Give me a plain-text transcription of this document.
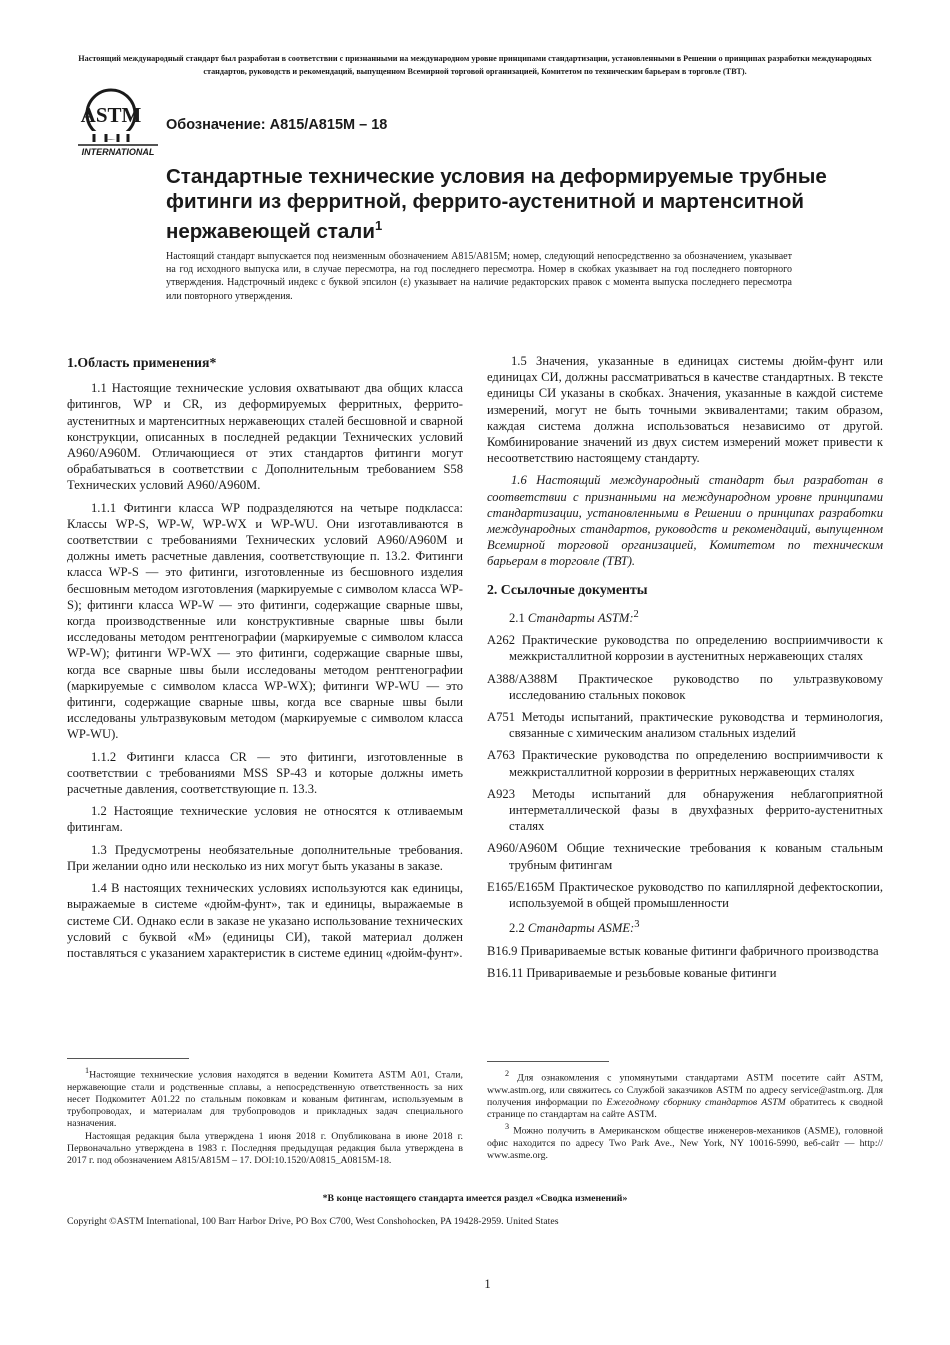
Настоящий международный стандарт был разработан в соответствии с признанными на международном уровне принципами стандартизации, установленными в Решении о принципах разработки международных стандартов, руководств и рекомендаций, выпущенном Всемирной торговой организацией, Комитетом по техническим барьерам в торговле (ТВТ).
ASTM
INTERNATIONAL
Обозначение: A815/A815M – 18
Стандартные технические условия на деформируемые трубные фитинги из ферритной, феррито-аустенитной и мартенситной нержавеющей стали$^1$
Настоящий стандарт выпускается под неизменным обозначением A815/A815M; номер, следующий непосредственно за обозначением, указывает на год исходного выпуска или, в случае пересмотра, на год последнего пересмотра. Номер в скобках указывает на год последнего повторного утверждения. Надстрочный индекс с буквой эпсилон (ε) указывает на наличие редакторских правок с момента выпуска последнего пересмотра или повторного утверждения.

1.Область применения*

1.1 Настоящие технические условия охватывают два общих класса фитингов, WP и CR, из деформируемых ферритных, феррито-аустенитных и мартенситных нержавеющих сталей бесшовной и сварной конструкции, описанных в последней редакции Технических условий A960/A960M. Отличающиеся от этих стандартов фитинги могут обрабатываться в соответствии с Дополнительным требованием S58 Технических условий A960/A960M.

1.1.1 Фитинги класса WP подразделяются на четыре подкласса: Классы WP-S, WP-W, WP-WX и WP-WU. Они изготавливаются в соответствии с требованиями Технических условий A960/A960M и должны иметь расчетные давления, соответствующие п. 13.2. Фитинги класса WP-S — это фитинги, изготовленные из бесшовного изделия бесшовным методом изготовления (маркируемые с символом класса WP-S); фитинги класса WP-W — это фитинги, содержащие сварные швы, когда производственные или конструктивные сварные швы были исследованы методом рентгенографии (маркируемые с символом класса WP-W); фитинги WP-WX — это фитинги, содержащие сварные швы, когда все сварные швы были исследованы методом рентгенографии (маркируемые с символом класса WP-WX); фитинги WP-WU — это фитинги, содержащие сварные швы, когда все сварные швы были исследованы ультразвуковым методом (маркируемые с символом класса WP-WU).

1.1.2 Фитинги класса CR — это фитинги, изготовленные в соответствии с требованиями MSS SP-43 и которые должны иметь расчетные давления, соответствующие п. 13.3.

1.2 Настоящие технические условия не относятся к отливаемым фитингам.

1.3 Предусмотрены необязательные дополнительные требования. При желании одно или несколько из них могут быть указаны в заказе.

1.4 В настоящих технических условиях используются как единицы, выражаемые в системе «дюйм-фунт», так и единицы, выражаемые в системе СИ. Однако если в заказе не указано использование технических условий с буквой «М» (единицы СИ), такой материал должен поставляться с указанием характеристик в системе единиц «дюйм-фунт».

1.5 Значения, указанные в единицах системы дюйм-фунт или единицах СИ, должны рассматриваться в качестве стандартных. В тексте единицы СИ указаны в скобках. Значения, указанные в каждой системе измерений, могут не быть точными эквивалентами; таким образом, каждая система должна использоваться независимо от другой. Комбинирование значений из двух систем измерений может привести к несоответствию настоящему стандарту.

1.6 Настоящий международный стандарт был разработан в соответствии с признанными на международном уровне принципами стандартизации, установленными в Решении о принципах разработки международных стандартов, руководств и рекомендаций, выпущенном Всемирной торговой организацией, Комитетом по техническим барьерам в торговле (ТВТ).

2. Ссылочные документы

2.1 Стандарты ASTM:$^2$

A262 Практические руководства по определению восприимчивости к межкристаллитной коррозии в аустенитных нержавеющих сталях

A388/A388M Практическое руководство по ультразвуковому исследованию стальных поковок

A751 Методы испытаний, практические руководства и терминология, связанные с химическим анализом стальных изделий

A763 Практические руководства по определению восприимчивости к межкристаллитной коррозии в ферритных нержавеющих сталях

A923 Методы испытаний для обнаружения неблагоприятной интерметаллической фазы в двухфазных феррито-аустенитных сталях

A960/A960M Общие технические требования к кованым стальным трубным фитингам

E165/E165M Практическое руководство по капиллярной дефектоскопии, используемой в общей промышленности

2.2 Стандарты ASME:$^3$

B16.9 Привариваемые встык кованые фитинги фабричного производства

B16.11 Привариваемые и резьбовые кованые фитинги

$^1$Настоящие технические условия находятся в ведении Комитета ASTM A01, Стали, нержавеющие стали и родственные сплавы, а непосредственную ответственность за них несет Подкомитет A01.22 по стальным поковкам и кованым фитингам, используемым в трубопроводах, и материалам для трубопроводов и прикладных задач специального назначения.

Настоящая редакция была утверждена 1 июня 2018 г. Опубликована в июне 2018 г. Первоначально утверждена в 1983 г. Последняя предыдущая редакция была утверждена в 2017 г. под обозначением A815/A815M – 17. DOI:10.1520/A0815_A0815M-18.

$^2$ Для ознакомления с упомянутыми стандартами ASTM посетите сайт ASTM, www.astm.org, или свяжитесь со Службой заказчиков ASTM по адресу service@astm.org. Для получения информации по Ежегодному сборнику стандартов ASTM обратитесь к сводной странице по стандартам на сайте ASTM.

$^3$ Можно получить в Американском обществе инженеров-механиков (ASME), головной офис находится по адресу Two Park Ave., New York, NY 10016-5990, веб-сайт — http:// www.asme.org.

*В конце настоящего стандарта имеется раздел «Сводка изменений»
Copyright ©ASTM International, 100 Barr Harbor Drive, PO Box C700, West Conshohocken, PA 19428-2959. United States
1
